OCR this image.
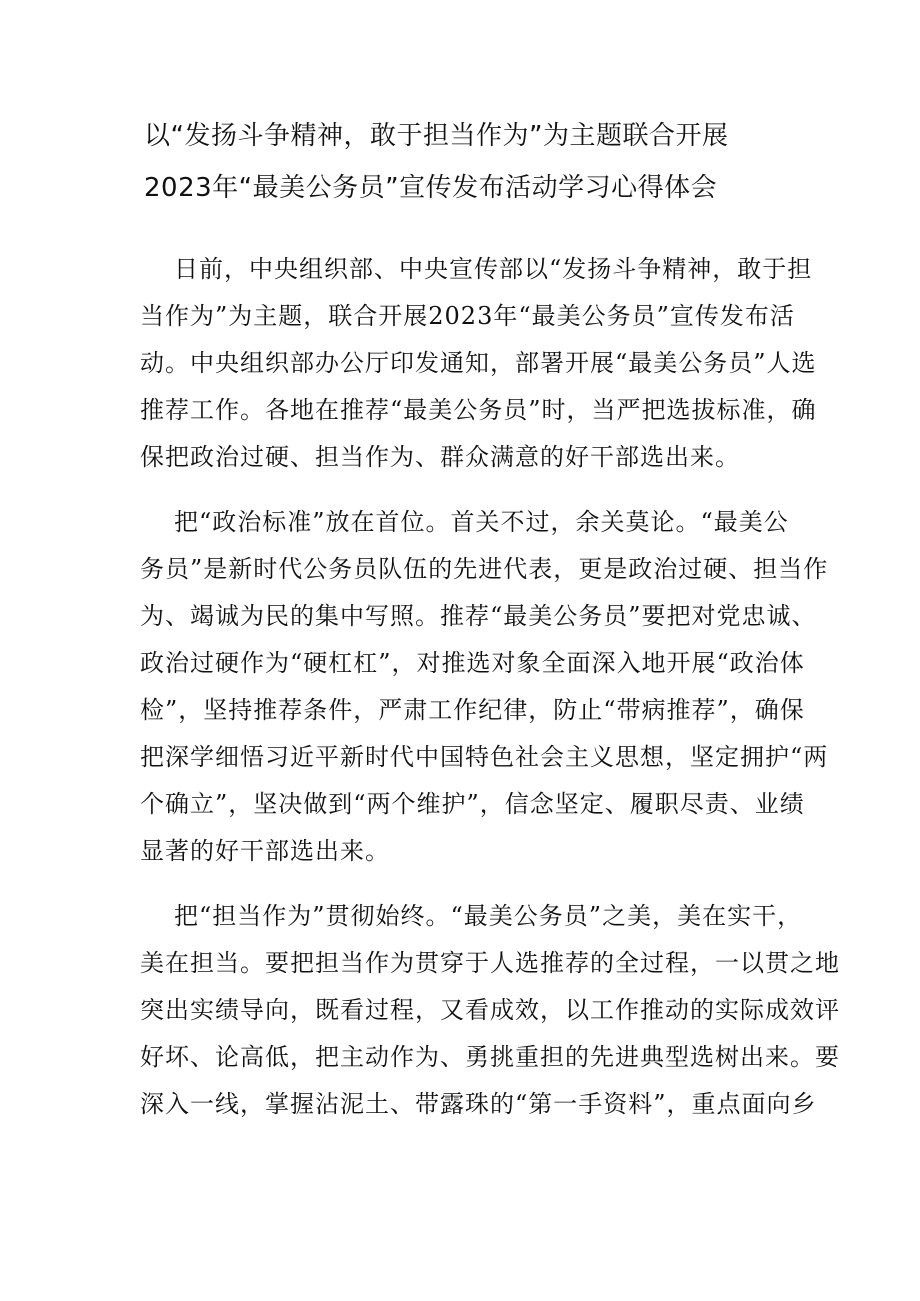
以“发扬斗争精神，敢于担当作为”为主题联合开展
2023年“最美公务员”宣传发布活动学习心得体会

日前，中央组织部、中央宣传部以“发扬斗争精神，敢于担
当作为”为主题，联合开展2023年“最美公务员”宣传发布活
动。中央组织部办公厅印发通知，部署开展“最美公务员”人选
推荐工作。各地在推荐“最美公务员”时，当严把选拔标准，确
保把政治过硬、担当作为、群众满意的好干部选出来。

把“政治标准”放在首位。首关不过，余关莫论。“最美公
务员”是新时代公务员队伍的先进代表，更是政治过硬、担当作
为、竭诚为民的集中写照。推荐“最美公务员”要把对党忠诚、
政治过硬作为“硬杠杠”，对推选对象全面深入地开展“政治体
检”，坚持推荐条件，严肃工作纪律，防止“带病推荐”，确保
把深学细悟习近平新时代中国特色社会主义思想，坚定拥护“两
个确立”，坚决做到“两个维护”，信念坚定、履职尽责、业绩
显著的好干部选出来。

把“担当作为”贯彻始终。“最美公务员”之美，美在实干，
美在担当。要把担当作为贯穿于人选推荐的全过程，一以贯之地
突出实绩导向，既看过程，又看成效，以工作推动的实际成效评
好坏、论高低，把主动作为、勇挑重担的先进典型选树出来。要
深入一线，掌握沾泥土、带露珠的“第一手资料”，重点面向乡
